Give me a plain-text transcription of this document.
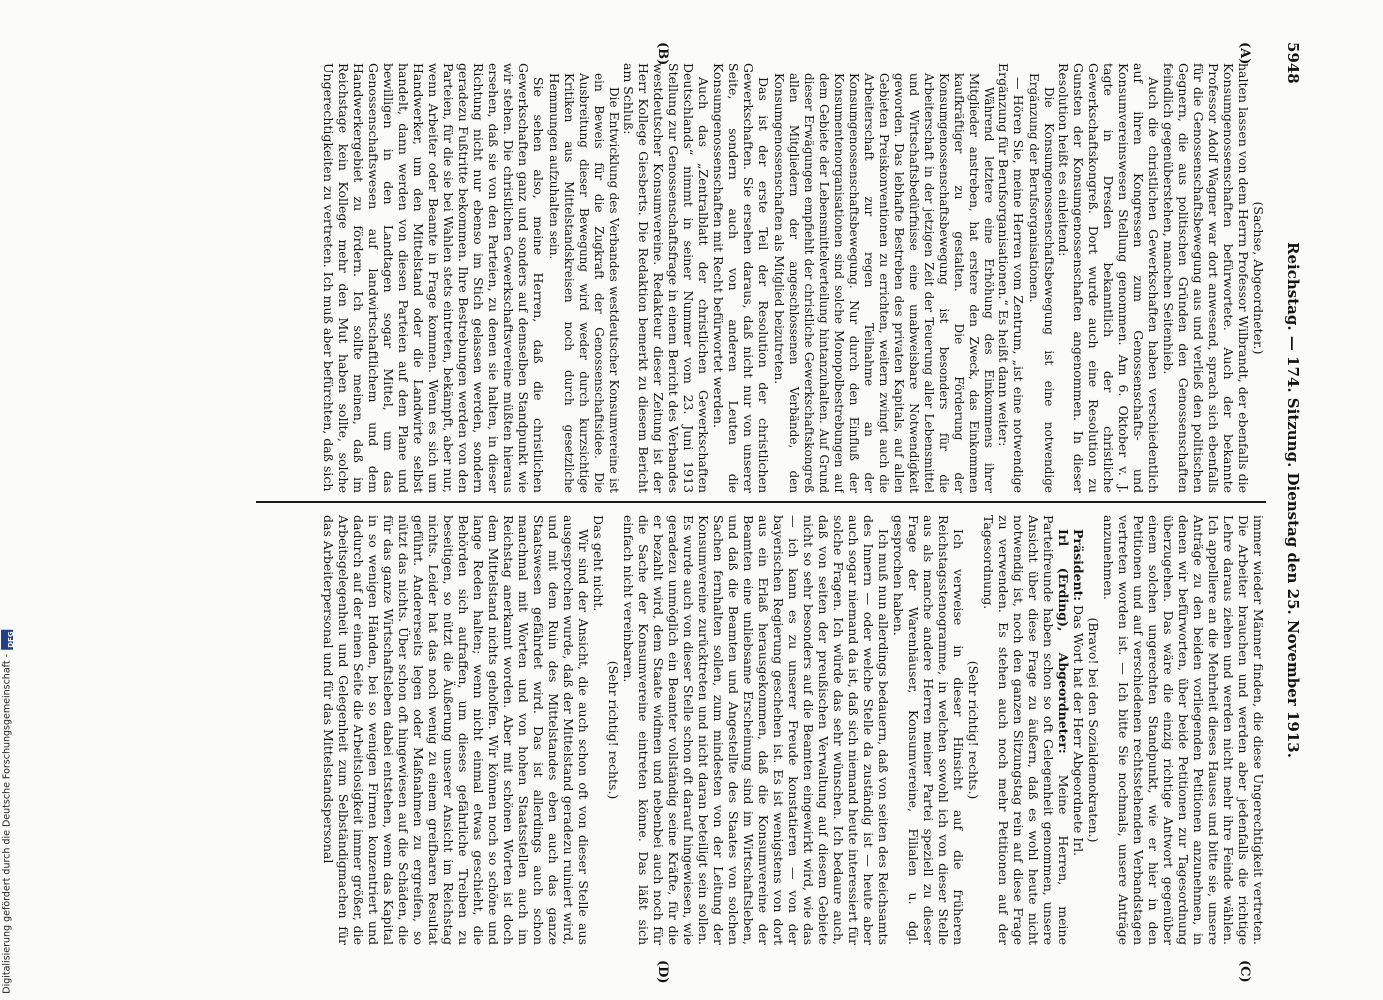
5948
Reichstag. — 174. Sitzung. Dienstag den 25. November 1913.
(A)
(B)
(C)
(D)

(Sachse, Abgeordneter.)

halten lassen von dem Herrn Professor Wilbrandt, der ebenfalls die Konsumgenossenschaften befürwortete. Auch der bekannte Professor Adolf Wagner war dort anwesend, sprach sich ebenfalls für die Genossenschaftsbewegung aus und verließ den politischen Gegnern, die aus politischen Gründen den Genossenschaften feindlich gegenüberstehen, manchen Seitenhieb.

Auch die christlichen Gewerkschaften haben verschiedentlich auf ihren Kongressen zum Genossenschafts- und Konsumvereinswesen Stellung genommen. Am 6. Oktober v. J. tagte in Dresden bekanntlich der christliche Gewerkschaftskongreß. Dort wurde auch eine Resolution zu Gunsten der Konsumgenossenschaften angenommen. In dieser Resolution heißt es einleitend:

Die Konsumgenossenschaftsbewegung ist eine notwendige Ergänzung der Berufsorganisationen.

— Hören Sie, meine Herren vom Zentrum, „ist eine notwendige Ergänzung für Berufsorganisationen.“ Es heißt dann weiter:

Während letztere eine Erhöhung des Einkommens ihrer Mitglieder anstreben, hat erstere den Zweck, das Einkommen kaufkräftiger zu gestalten. Die Förderung der Konsumgenossenschaftsbewegung ist besonders für die Arbeiterschaft in der jetzigen Zeit der Teuerung aller Lebensmittel und Wirtschaftsbedürfnisse eine unabweisbare Notwendigkeit geworden. Das lebhafte Bestreben des privaten Kapitals, auf allen Gebieten Preiskonventionen zu errichten, weitern zwingt auch die Arbeiterschaft zur regen Teilnahme an der Konsumgenossenschaftsbewegung. Nur durch den Einfluß der Konsumentenorganisationen sind solche Monopolbestrebungen auf dem Gebiete der Lebensmittelverteilung hintanzuhalten. Auf Grund dieser Erwägungen empfiehlt der christliche Gewerkschaftskongreß allen Mitgliedern der angeschlossenen Verbände, den Konsumgenossenschaften als Mitglied beizutreten.

Das ist der erste Teil der Resolution der christlichen Gewerkschaften. Sie ersehen daraus, daß nicht nur von unserer Seite, sondern auch von anderen Leuten die Konsumgenossenschaften mit Recht befürwortet werden.

Auch das „Zentralblatt der christlichen Gewerkschaften Deutschlands“ nimmt in seiner Nummer vom 23. Juni 1913 Stellung zur Genossenschaftsfrage in einem Bericht des Verbandes westdeutscher Konsumvereine. Redakteur dieser Zeitung ist der Herr Kollege Giesberts. Die Redaktion bemerkt zu diesem Bericht am Schluß:

Die Entwicklung des Verbandes westdeutscher Konsumvereine ist ein Beweis für die Zugkraft der Genossenschaftsidee. Die Ausbreitung dieser Bewegung wird weder durch kurzsichtige Kritiken aus Mittelstandskreisen noch durch gesetzliche Hemmungen aufzuhalten sein.

Sie sehen also, meine Herren, daß die christlichen Gewerkschaften ganz und sonders auf demselben Standpunkt wie wir stehen. Die christlichen Gewerkschaftsvereine müßten hieraus ersehen, daß sie von den Parteien, zu denen sie halten, in dieser Richtung nicht nur ebenso im Stich gelassen werden, sondern geradezu Fußtritte bekommen. Ihre Bestrebungen werden von den Parteien, für die sie bei Wahlen stets eintreten, bekämpft, aber nur, wenn Arbeiter oder Beamte in Frage kommen. Wenn es sich um Handwerker, um den Mittelstand oder die Landwirte selbst handelt, dann werden von diesen Parteien auf dem Plane und bewilligen in den Landtagen sogar Mittel, um das Genossenschaftswesen auf landwirtschaftlichem und dem Handwerkergebiet zu fördern. Ich sollte meinen, daß im Reichstage kein Kollege mehr den Mut haben sollte, solche Ungerechtigkeiten zu vertreten. Ich muß aber befürchten, daß sich

immer wieder Männer finden, die diese Ungerechtigkeit vertreten. Die Arbeiter brauchen und werden aber jedenfalls die richtige Lehre daraus ziehen und werden nicht mehr ihre Feinde wählen. Ich appelliere an die Mehrheit dieses Hauses und bitte sie, unsere Anträge zu den beiden vorliegenden Petitionen anzunehmen, in denen wir befürworten, über beide Petitionen zur Tagesordnung überzugehen. Das wäre die einzig richtige Antwort gegenüber einem solchen ungerechten Standpunkt, wie er hier in den Petitionen und auf verschiedenen rechtsstehenden Verbandstagen vertreten worden ist. — Ich bitte Sie nochmals, unsere Anträge anzunehmen.

(Bravo! bei den Sozialdemokraten.)

Präsident: Das Wort hat der Herr Abgeordnete Irl.

Irl (Erding), Abgeordneter: Meine Herren, meine Parteifreunde haben schon so oft Gelegenheit genommen, unsere Ansicht über diese Frage zu äußern, daß es wohl heute nicht notwendig ist, noch den ganzen Sitzungstag rein auf diese Frage zu verwenden. Es stehen auch noch mehr Petitionen auf der Tagesordnung.

(Sehr richtig! rechts.)

Ich verweise in dieser Hinsicht auf die früheren Reichstagsstenogramme, in welchen sowohl ich von dieser Stelle aus als manche andere Herren meiner Partei speziell zu dieser Frage der Warenhäuser, Konsumvereine, Filialen u. dgl. gesprochen haben.

Ich muß nun allerdings bedauern, daß von seiten des Reichsamts des Innern — oder welche Stelle da zuständig ist — heute aber auch sogar niemand da ist, daß sich niemand heute interessiert für solche Fragen. Ich würde das sehr wünschen. Ich bedaure auch, daß von seiten der preußischen Verwaltung auf diesem Gebiete nicht so sehr besonders auf die Beamten eingewirkt wird, wie das — ich kann es zu unserer Freude konstatieren — von der bayerischen Regierung geschehen ist. Es ist wenigstens von dort aus ein Erlaß herausgekommen, daß die Konsumvereine der Beamten eine unliebsame Erscheinung sind im Wirtschaftsleben, und daß die Beamten und Angestellte des Staates von solchen Sachen fernhalten sollen, zum mindesten von der Leitung der Konsumvereine zurücktreten und nicht daran beteiligt sein sollen. Es wurde auch von dieser Stelle schon oft darauf hingewiesen, wie geradezu unmöglich ein Beamter vollständig seine Kräfte, für die er bezahlt wird, dem Staate widmen und nebenbei auch noch für die Sache der Konsumvereine eintreten könne. Das läßt sich einfach nicht vereinbaren.

(Sehr richtig! rechts.)

Das geht nicht.

Wir sind der Ansicht, die auch schon oft von dieser Stelle aus ausgesprochen wurde, daß der Mittelstand geradezu ruiniert wird, und mit dem Ruin des Mittelstandes eben auch das ganze Staatswesen gefährdet wird. Das ist allerdings auch schon manchmal mit Worten und von hohen Staatsstellen auch im Reichstag anerkannt worden. Aber mit schönen Worten ist doch dem Mittelstand nichts geholfen. Wir können noch so schöne und lange Reden halten; wenn nicht einmal etwas geschieht, die Behörden sich aufraffen, um dieses gefährliche Treiben zu beseitigen, so nützt die Äußerung unserer Ansicht im Reichstag nichts. Leider hat das noch wenig zu einem greifbaren Resultat geführt. Andererseits legen oder Maßnahmen zu ergreifen, so nützt das nichts. Über schon oft hingewiesen auf die Schäden, die für das ganze Wirtschaftsleben dabei entstehen, wenn das Kapital in so wenigen Händen, bei so wenigen Firmen konzentriert und dadurch auf der einen Seite die Arbeitslosigkeit immer größer, die Arbeitsgelegenheit und Gelegenheit zum Selbständigmachen für das Arbeiterpersonal und für das Mittelstandspersonal

Digitalisierung gefördert durch die Deutsche Forschungsgemeinschaft -
DFG
